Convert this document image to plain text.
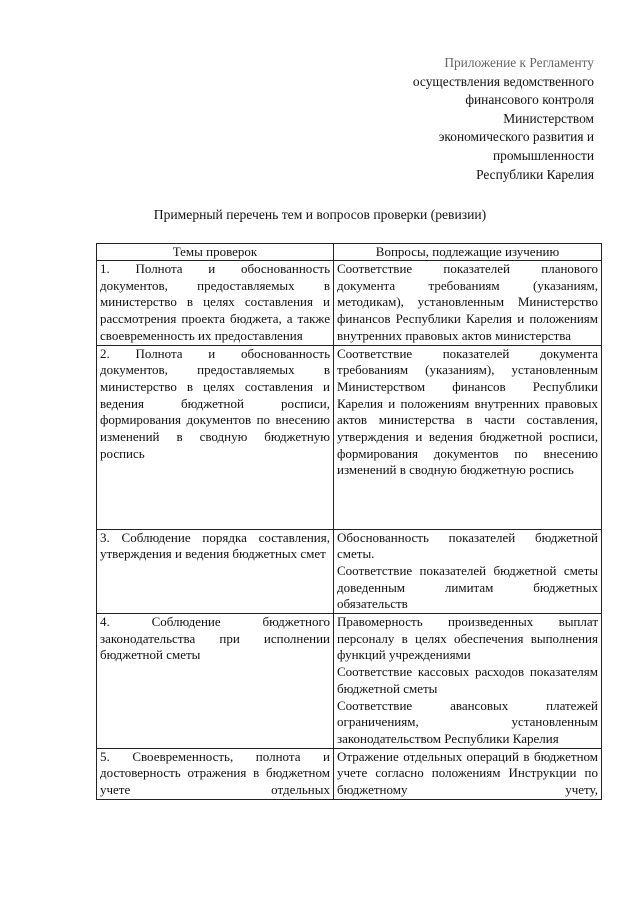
Приложение к Регламенту
осуществления ведомственного
финансового контроля
Министерством
экономического развития и
промышленности
Республики Карелия
Примерный перечень тем и вопросов проверки (ревизии)
Темы проверок	Вопросы, подлежащие изучению

1. Полнота и обоснованность документов, предоставляемых в министерство в целях составления и рассмотрения проекта бюджета, а также своевременность их предоставления	Соответствие показателей планового документа требованиям (указаниям, методикам), установленным Министерство финансов Республики Карелия и положениям внутренних правовых актов министерства

2. Полнота и обоснованность документов, предоставляемых в министерство в целях составления и ведения бюджетной росписи, формирования документов по внесению изменений в сводную бюджетную роспись	Соответствие показателей документа требованиям (указаниям), установленным Министерством финансов Республики Карелия и положениям внутренних правовых актов министерства в части составления, утверждения и ведения бюджетной росписи, формирования документов по внесению изменений в сводную бюджетную роспись

3. Соблюдение порядка составления, утверждения и ведения бюджетных смет	Обоснованность показателей бюджетной сметы.
Соответствие показателей бюджетной сметы доведенным лимитам бюджетных обязательств

4. Соблюдение бюджетного законодательства при исполнении бюджетной сметы	Правомерность произведенных выплат персоналу в целях обеспечения выполнения функций учреждениями
Соответствие кассовых расходов показателям бюджетной сметы
Соответствие авансовых платежей ограничениям, установленным законодательством Республики Карелия

5. Своевременность, полнота и достоверность отражения в бюджетном учете отдельных	Отражение отдельных операций в бюджетном учете согласно положениям Инструкции по бюджетному учету,
